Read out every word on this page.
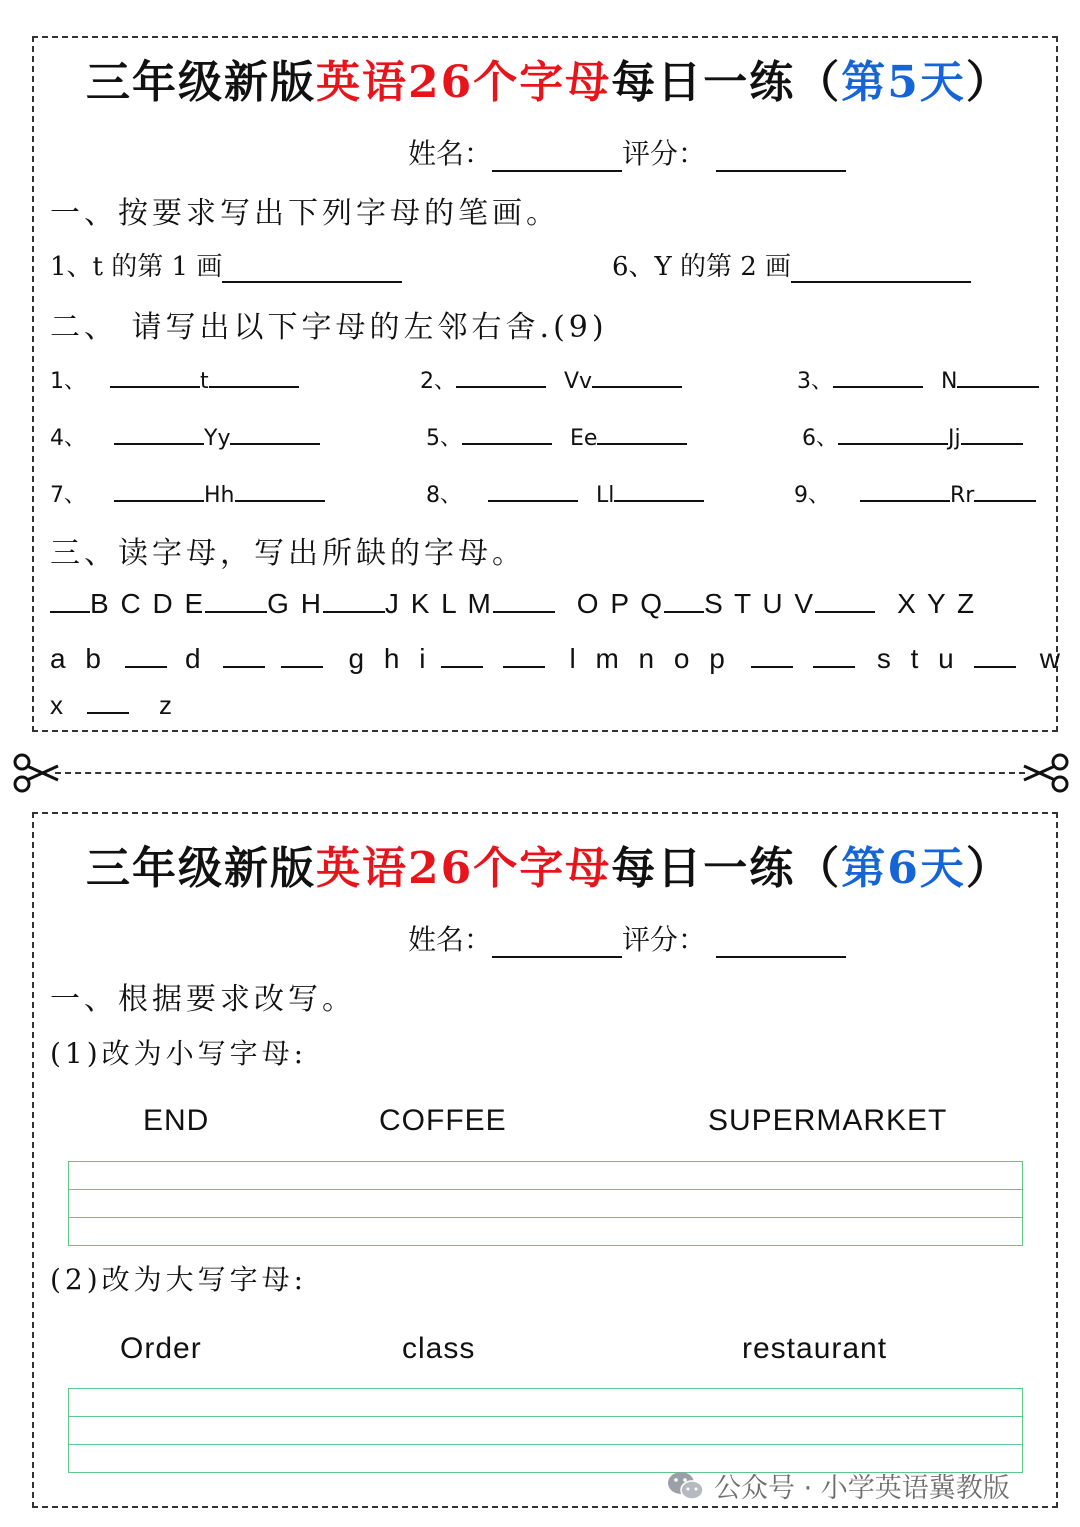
三年级新版英语26个字母每日一练（第5天）
姓名：	评分：
一、按要求写出下列字母的笔画。
1、t 的第 1 画	6、Y 的第 2 画
二、 请写出以下字母的左邻右舍.(9)
1、	t	2、	Vv	3、	N
4、	Yy	5、	Ee	6、	Jj
7、	Hh	8、	Ll	9、	Rr
三、读字母，写出所缺的字母。
B C D E G H J K L M	O P Q S T U V	X Y Z
a b	d	g h i	l m n o p	s t u	w
x	z
三年级新版英语26个字母每日一练（第6天）
姓名：	评分：
一、根据要求改写。
(1)改为小写字母:
END	COFFEE	SUPERMARKET
(2)改为大写字母:
Order	class	restaurant
公众号 · 小学英语冀教版
